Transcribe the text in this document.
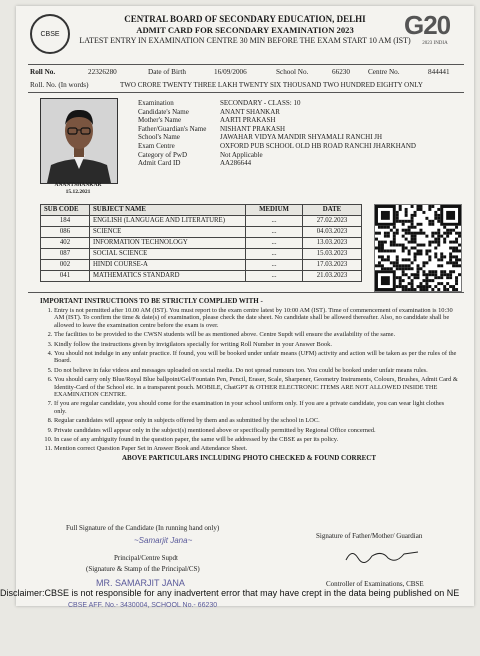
CBSE
CENTRAL BOARD OF SECONDARY EDUCATION, DELHI
ADMIT CARD FOR SECONDARY EXAMINATION 2023
LATEST ENTRY IN EXAMINATION CENTRE 30 MIN BEFORE THE EXAM START 10 AM (IST)
G20
2023 INDIA
Roll No.	22326280	Date of Birth	16/09/2006	School No.	66230	Centre No.	844441
Roll. No. (In words)	TWO CRORE TWENTY THREE LAKH TWENTY SIX THOUSAND TWO HUNDRED EIGHTY ONLY
ANANTSHANKAR
15.12.2021
Examination	SECONDARY - CLASS: 10
Candidate's Name	ANANT SHANKAR
Mother's Name	AARTI PRAKASH
Father/Guardian's Name	NISHANT PRAKASH
School's Name	JAWAHAR VIDYA MANDIR SHYAMALI RANCHI JH
Exam Centre	OXFORD PUB SCHOOL OLD HB ROAD RANCHI JHARKHAND
Category of PwD	Not Applicable
Admit Card ID	AA286644
SUB CODE	SUBJECT NAME	MEDIUM	DATE
184	ENGLISH (LANGUAGE AND LITERATURE)	...	27.02.2023
086	SCIENCE	...	04.03.2023
402	INFORMATION TECHNOLOGY	...	13.03.2023
087	SOCIAL SCIENCE	...	15.03.2023
002	HINDI COURSE-A	...	17.03.2023
041	MATHEMATICS STANDARD	...	21.03.2023
IMPORTANT INSTRUCTIONS TO BE STRICTLY COMPLIED WITH -
1. Entry is not permitted after 10.00 AM (IST). You must report to the exam centre latest by 10:00 AM (IST). Time of commencement of examination is 10:30 AM (IST). To confirm the time & date(s) of examination, please check the date sheet. No candidate shall be allowed thereafter. Also, no candidate shall be allowed to leave the examination centre before the exam is over.
2. The facilities to be provided to the CWSN students will be as mentioned above. Centre Supdt will ensure the availability of the same.
3. Kindly follow the instructions given by invigilators specially for writing Roll Number in your Answer Book.
4. You should not indulge in any unfair practice. If found, you will be booked under unfair means (UFM) activity and action will be taken as per the rules of the Board.
5. Do not believe in fake videos and messages uploaded on social media. Do not spread rumours too. You could be booked under unfair means rules.
6. You should carry only Blue/Royal Blue ballpoint/Gel/Fountain Pen, Pencil, Eraser, Scale, Sharpener, Geometry Instruments, Colours, Brushes, Admit Card & Identity-Card of the School etc. in a transparent pouch. MOBILE, ChatGPT & OTHER ELECTRONIC ITEMS ARE NOT ALLOWED INSIDE THE EXAMINATION CENTRE.
7. If you are regular candidate, you should come for the examination in your school uniform only. If you are a private candidate, you can wear light clothes only.
8. Regular candidates will appear only in subjects offered by them and as submitted by the school in LOC.
9. Private candidates will appear only in the subject(s) mentioned above or specifically permitted by Regional Office concerned.
10. In case of any ambiguity found in the question paper, the same will be addressed by the CBSE as per its policy.
11. Mention correct Question Paper Set in Answer Book and Attendance Sheet.
ABOVE PARTICULARS INCLUDING PHOTO CHECKED & FOUND CORRECT
Full Signature of the Candidate (In running hand only)
~Samarjit Jana~
Principal/Centre Supdt
(Signature & Stamp of the Principal/CS)
Signature of Father/Mother/ Guardian
Controller of Examinations, CBSE
MR. SAMARJIT JANA
CBSE AFF. No.- 3430004, SCHOOL No.- 66230
Disclaimer:CBSE is not responsible for any inadvertent error that may have crept in the data being published on NE
